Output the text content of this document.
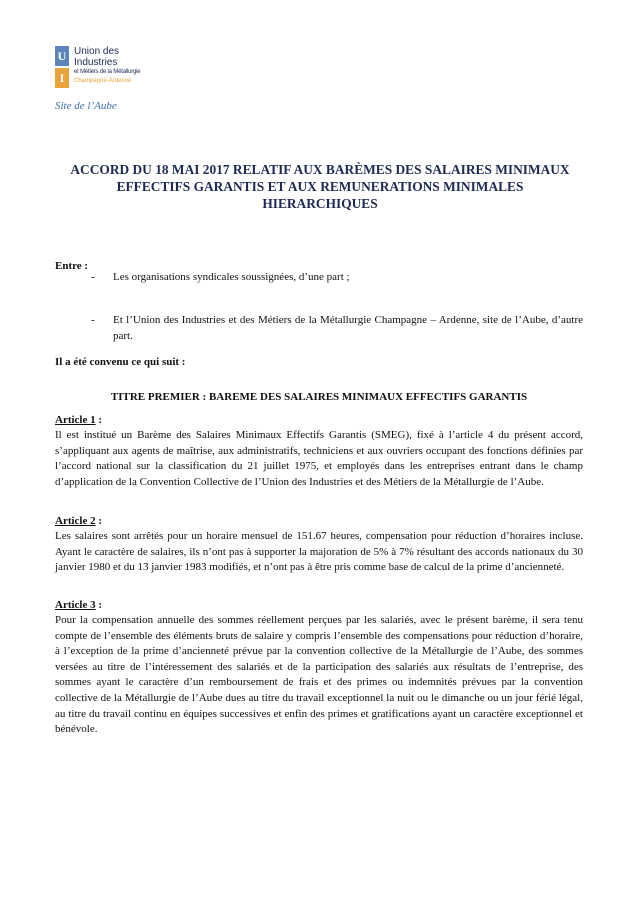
U
I
Union des
Industries
et Métiers de la Métallurgie
Champagne-Ardenne
Site de l’Aube
ACCORD DU 18 MAI 2017 RELATIF AUX BARÈMES DES SALAIRES MINIMAUX EFFECTIFS GARANTIS ET AUX REMUNERATIONS MINIMALES HIERARCHIQUES
Entre :
- Les organisations syndicales soussignées, d’une part ;
- Et l’Union des Industries et des Métiers de la Métallurgie Champagne – Ardenne, site de l’Aube, d’autre part.
Il a été convenu ce qui suit :
TITRE PREMIER : BAREME DES SALAIRES MINIMAUX EFFECTIFS GARANTIS
Article 1 :
Il est institué un Barème des Salaires Minimaux Effectifs Garantis (SMEG), fixé à l’article 4 du présent accord, s’appliquant aux agents de maîtrise, aux administratifs, techniciens et aux ouvriers occupant des fonctions définies par l’accord national sur la classification du 21 juillet 1975, et employés dans les entreprises entrant dans le champ d’application de la Convention Collective de l’Union des Industries et des Métiers de la Métallurgie de l’Aube.
Article 2 :
Les salaires sont arrêtés pour un horaire mensuel de 151.67 heures, compensation pour réduction d’horaires incluse. Ayant le caractère de salaires, ils n’ont pas à supporter la majoration de 5% à 7% résultant des accords nationaux du 30 janvier 1980 et du 13 janvier 1983 modifiés, et n’ont pas à être pris comme base de calcul de la prime d’ancienneté.
Article 3 :
Pour la compensation annuelle des sommes réellement perçues par les salariés, avec le présent barème, il sera tenu compte de l’ensemble des éléments bruts de salaire y compris l’ensemble des compensations pour réduction d’horaire, à l’exception de la prime d’ancienneté prévue par la convention collective de la Métallurgie de l’Aube, des sommes versées au titre de l’intéressement des salariés et de la participation des salariés aux résultats de l’entreprise, des sommes ayant le caractère d’un remboursement de frais et des primes ou indemnités prévues par la convention collective de la Métallurgie de l’Aube dues au titre du travail exceptionnel la nuit ou le dimanche ou un jour férié légal, au titre du travail continu en équipes successives et enfin des primes et gratifications ayant un caractère exceptionnel et bénévole.
